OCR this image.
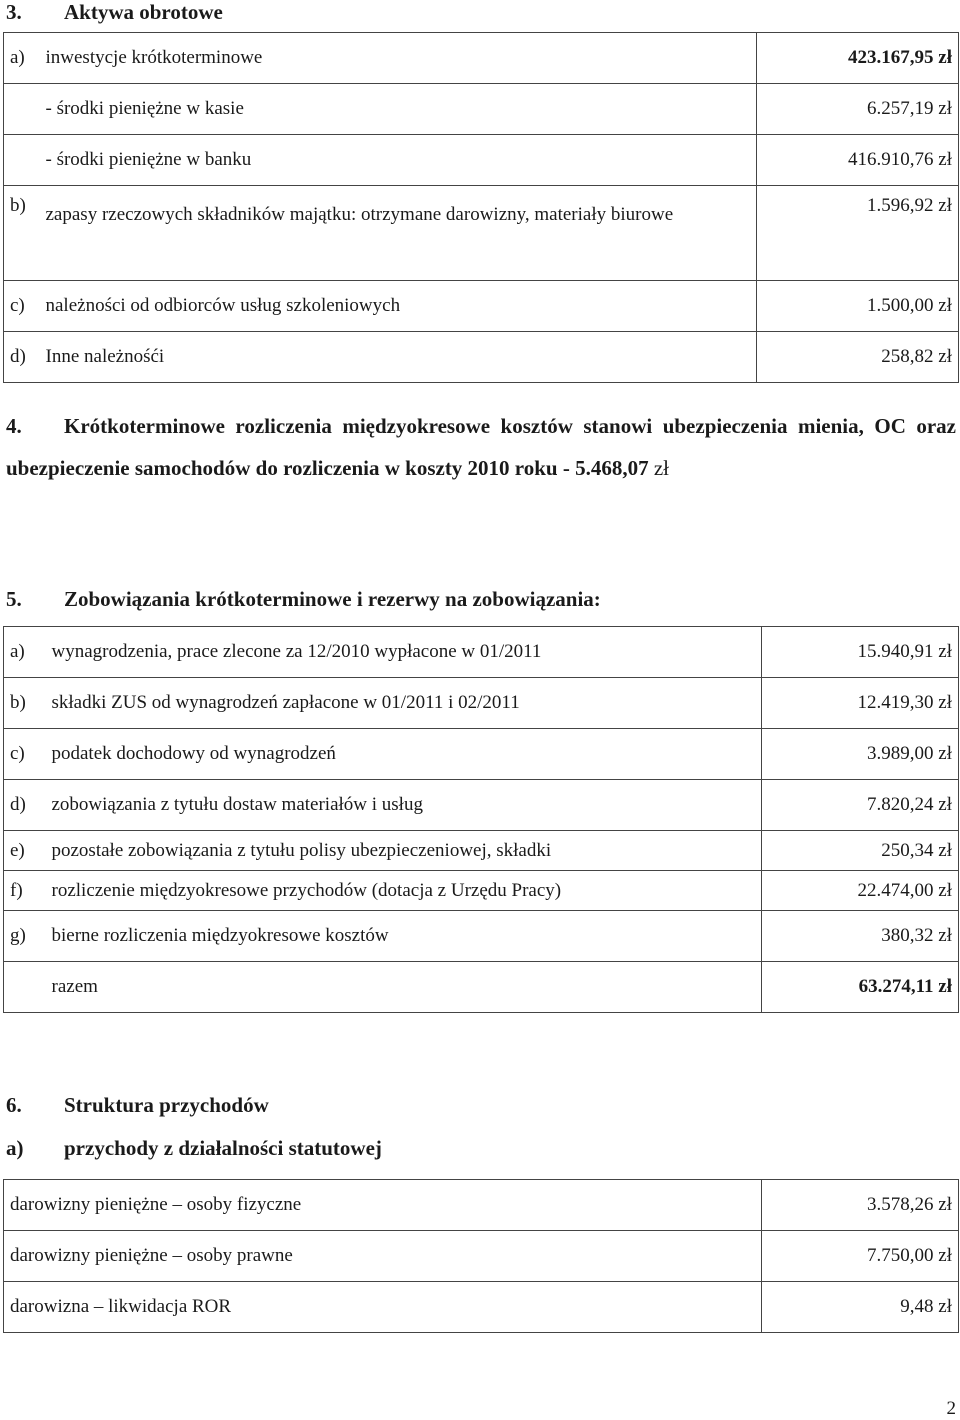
3. Aktywa obrotowe
a)	inwestycje krótkoterminowe	423.167,95 zł
	- środki pieniężne w kasie	6.257,19 zł
	- środki pieniężne w banku	416.910,76 zł
b)	zapasy rzeczowych składników majątku: otrzymane darowizny, materiały biurowe	1.596,92 zł
c)	należności od odbiorców usług szkoleniowych	1.500,00 zł
d)	Inne należnośći	258,82 zł

4. Krótkoterminowe rozliczenia międzyokresowe kosztów stanowi ubezpieczenia mienia, OC oraz ubezpieczenie samochodów do rozliczenia w koszty 2010 roku - 5.468,07 zł

5. Zobowiązania krótkoterminowe i rezerwy na zobowiązania:
a)	wynagrodzenia, prace zlecone za 12/2010 wypłacone w 01/2011	15.940,91 zł
b)	składki ZUS od wynagrodzeń zapłacone w 01/2011 i 02/2011	12.419,30 zł
c)	podatek dochodowy od wynagrodzeń	3.989,00 zł
d)	zobowiązania z tytułu dostaw materiałów i usług	7.820,24 zł
e)	pozostałe zobowiązania z tytułu polisy ubezpieczeniowej, składki	250,34 zł
f)	rozliczenie międzyokresowe przychodów (dotacja z Urzędu Pracy)	22.474,00 zł
g)	bierne rozliczenia międzyokresowe kosztów	380,32 zł
	razem	63.274,11 zł
6. Struktura przychodów
a) przychody z działalności statutowej
darowizny pieniężne – osoby fizyczne	3.578,26 zł
darowizny pieniężne – osoby prawne	7.750,00 zł
darowizna – likwidacja ROR	9,48 zł
2
